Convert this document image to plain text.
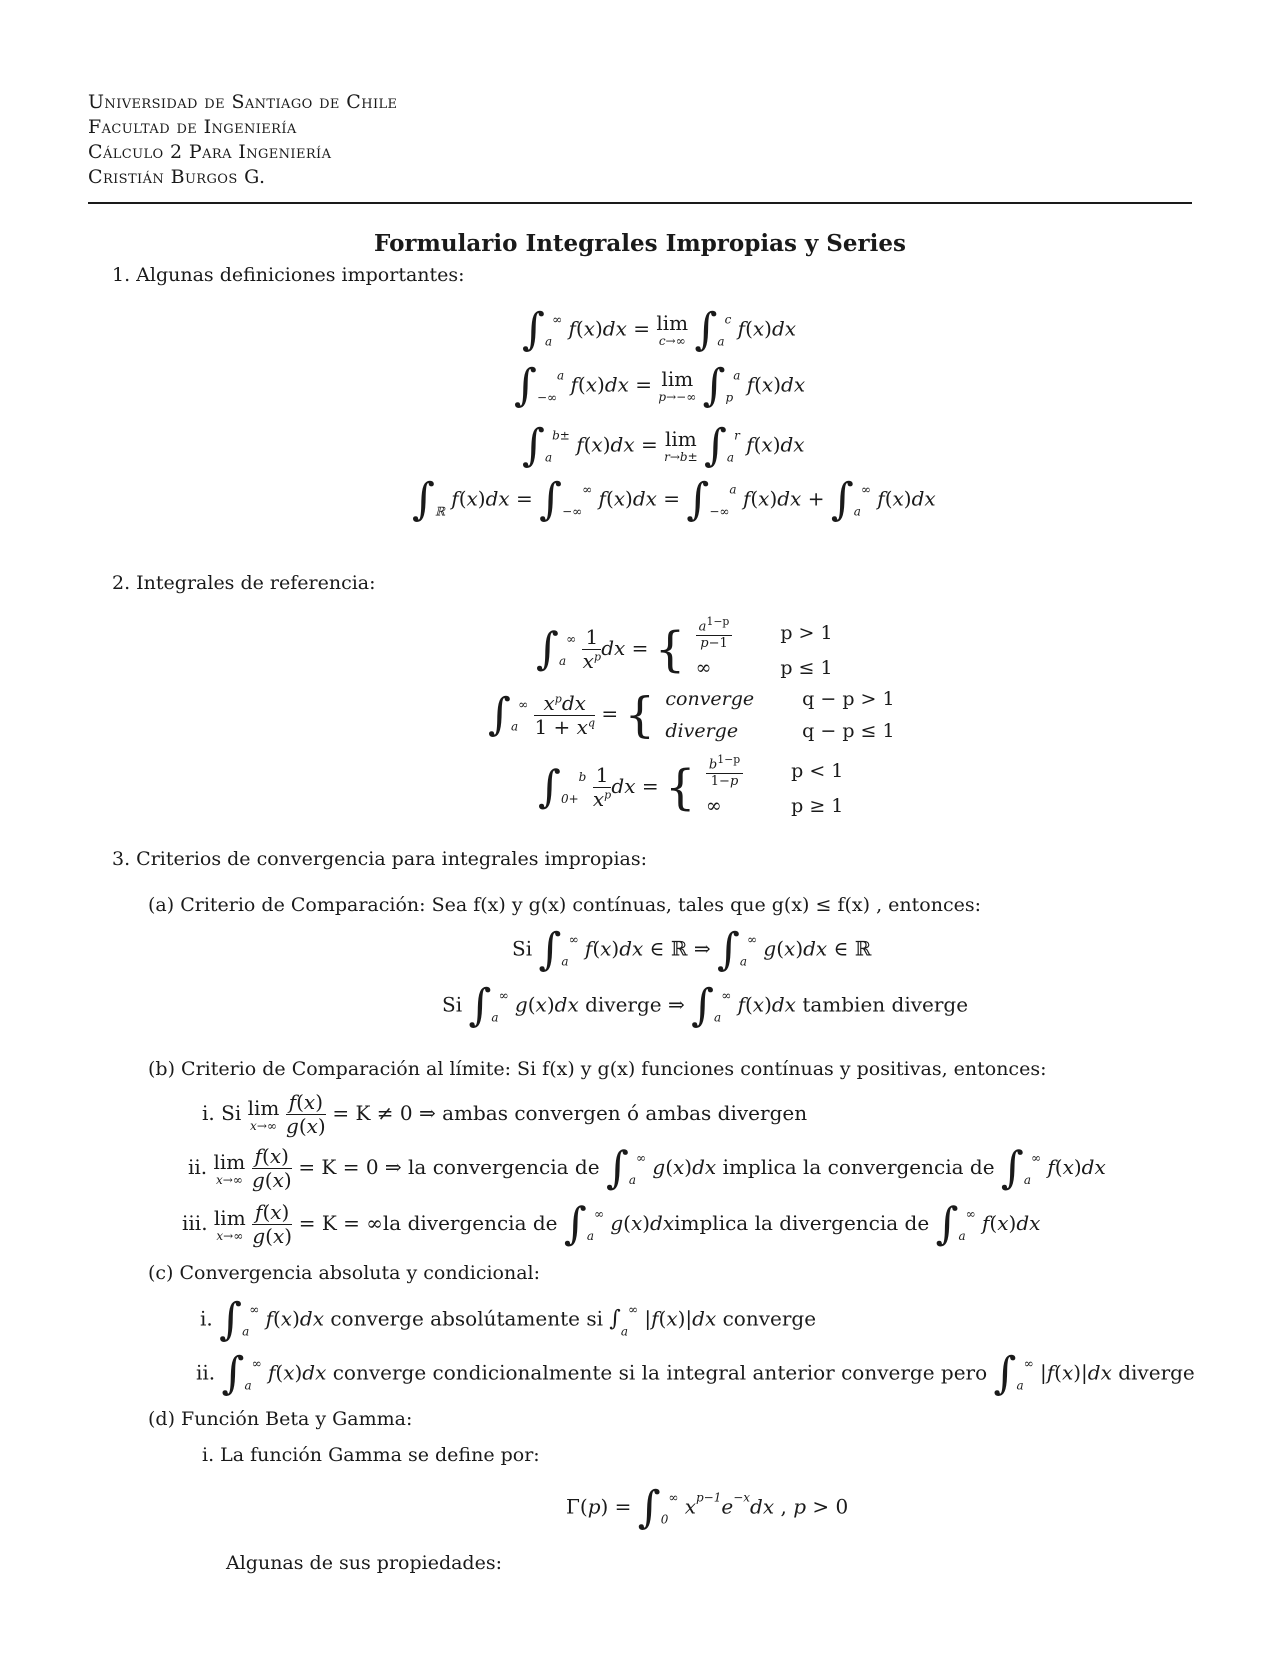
Universidad de Santiago de Chile
Facultad de Ingeniería
Cálculo 2 Para Ingeniería
Cristián Burgos G.
Formulario Integrales Impropias y Series
1. Algunas definiciones importantes:
$\int_a^\infty$ f(x)dx = lim
c→∞ $\int_a^c$ f(x)dx
$\int_{-\infty}^a$ f(x)dx = lim
p→−∞ $\int_p^a$ f(x)dx
$\int_a^{b\pm}$ f(x)dx = lim
$r\to b\pm \int_a^r$ f(x)dx
$\int_ℝ$ $f(x)dx = \int_{-\infty}^\infty$ $f(x)dx = \int_{-\infty}^a$ $f(x)dx + \int_a^\infty$ f(x)dx
2. Integrales de referencia:
$\int_a^\infty \frac{1}{x^p}$ dx = { $\frac{a^{1-p}}{p-1}$	p > 1
∞	p ≤ 1
$\int_a^\infty \frac{x^pdx}{1 + x^q}$ = { converge	q − p > 1
diverge	q − p ≤ 1
$\int_{0+}^b \frac{1}{x^p}$ dx = { $\frac{b^{1-p}}{1-p}$	p < 1
∞	p ≥ 1
3. Criterios de convergencia para integrales impropias:
(a) Criterio de Comparación: Sea f(x) y g(x) contínuas, tales que g(x) ≤ f(x) , entonces:
Si $\int_a^\infty$ f(x)dx ∈ ℝ ⇒ $\int_a^\infty$ g(x)dx ∈ ℝ
Si $\int_a^\infty$ g(x)dx diverge ⇒ $\int_a^\infty$ f(x)dx tambien diverge
(b) Criterio de Comparación al límite: Si f(x) y g(x) funciones contínuas y positivas, entonces:
i. Si lim
x→∞
$\frac{f(x)}{g(x)} = K \ne 0$ ⇒ ambas convergen ó ambas divergen
ii. lim
x→∞
$\frac{f(x)}{g(x)} = K = 0$ ⇒ la convergencia de $\int_a^\infty$ g(x)dx implica la convergencia de $\int_a^\infty$ f(x)dx
iii. lim
x→∞
$\frac{f(x)}{g(x)} = K = \infty la$ divergencia de $\int_a^\infty$ g(x)dximplica la divergencia de $\int_a^\infty$ f(x)dx
(c) Convergencia absoluta y condicional:
i. $\int_a^\infty$ f(x)dx converge absolútamente si $\int_a^\infty$ |f(x)|dx converge
ii. $\int_a^\infty$ f(x)dx converge condicionalmente si la integral anterior converge pero $\int_a^\infty$ |f(x)|dx diverge
(d) Función Beta y Gamma:
i. La función Gamma se define por:
$\Gamma(p) = \int_0^\infty$ $x^{p-1}e^{-x}dx$ , p > 0
Algunas de sus propiedades:
